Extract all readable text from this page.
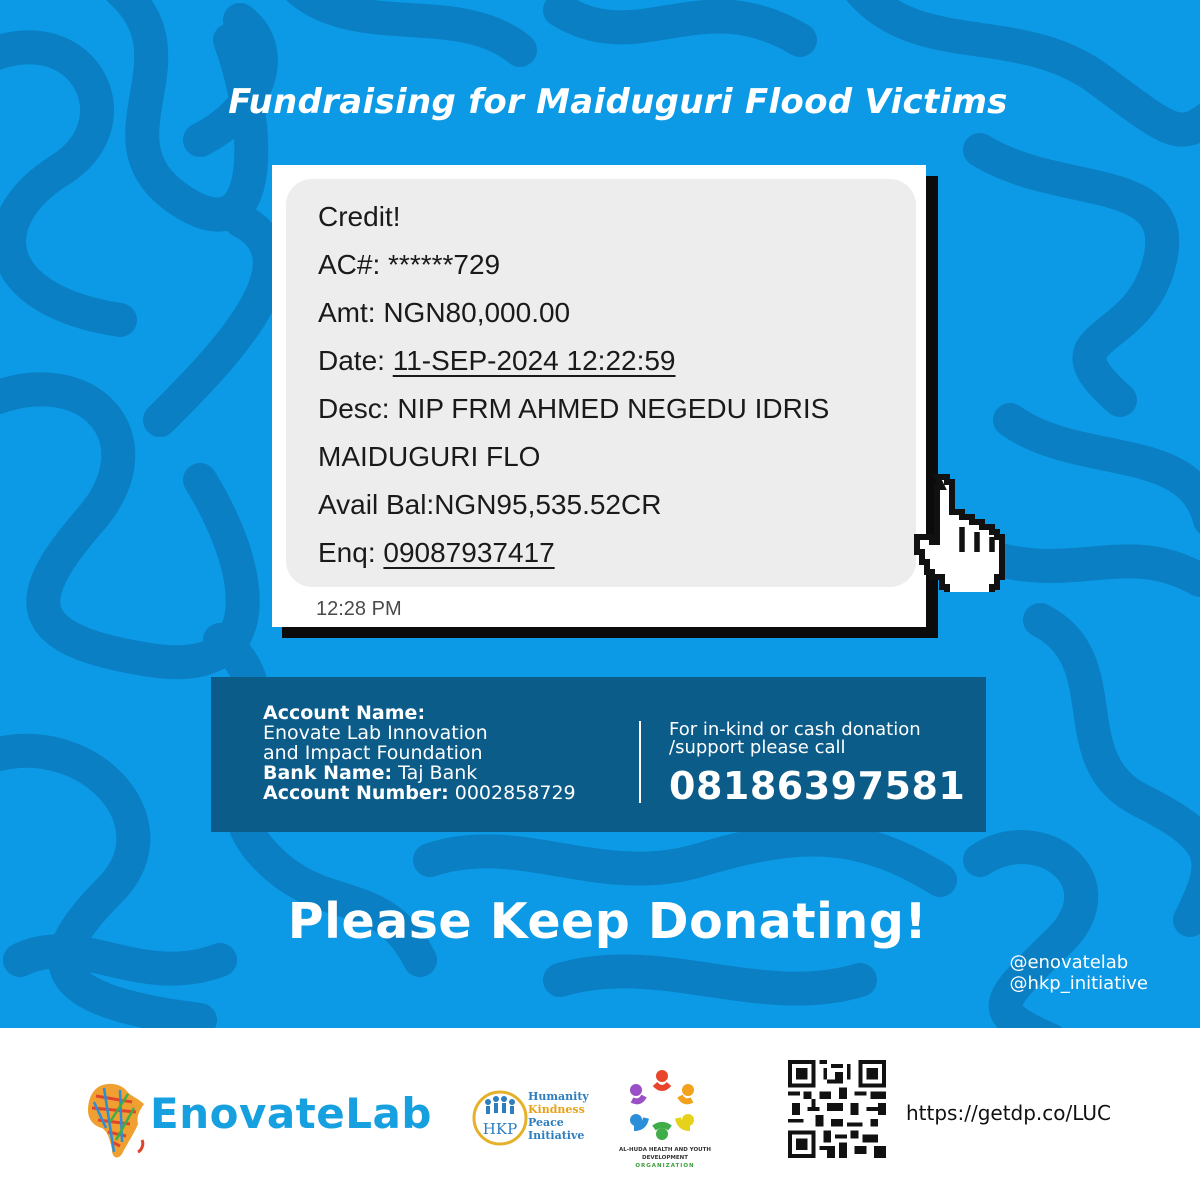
Fundraising for Maiduguri Flood Victims
Credit!
AC#: ******729
Amt: NGN80,000.00
Date: 11-SEP-2024 12:22:59
Desc: NIP FRM AHMED NEGEDU IDRIS
MAIDUGURI FLO
Avail Bal:NGN95,535.52CR
Enq: 09087937417
12:28 PM
Account Name:
Enovate Lab Innovation
and Impact Foundation
Bank Name: Taj Bank
Account Number: 0002858729
For in-kind or cash donation
/support please call
08186397581
Please Keep Donating!
@enovatelab
@hkp_initiative
EnovateLab	HKP
Humanity
Kindness
Peace Initiative
AL-HUDA HEALTH AND YOUTH DEVELOPMENT
ORGANIZATION
https://getdp.co/LUC
